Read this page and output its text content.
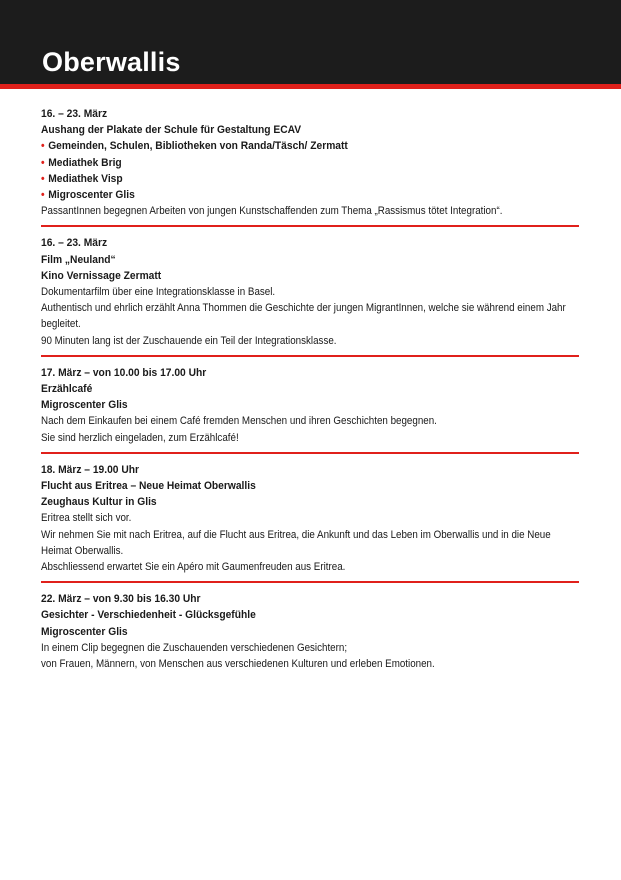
Oberwallis
16. – 23. März
Aushang der Plakate der Schule für Gestaltung ECAV
• Gemeinden, Schulen, Bibliotheken von Randa/Täsch/ Zermatt
• Mediathek Brig
• Mediathek Visp
• Migroscenter Glis
PassantInnen begegnen Arbeiten von jungen Kunstschaffenden zum Thema „Rassismus tötet Integration“.
16. – 23. März
Film „Neuland“
Kino Vernissage Zermatt
Dokumentarfilm über eine Integrationsklasse in Basel.
Authentisch und ehrlich erzählt Anna Thommen die Geschichte der jungen MigrantInnen, welche sie während einem Jahr begleitet.
90 Minuten lang ist der Zuschauende ein Teil der Integrationsklasse.
17. März – von 10.00 bis 17.00 Uhr
Erzählcafé
Migroscenter Glis
Nach dem Einkaufen bei einem Café fremden Menschen und ihren Geschichten begegnen.
Sie sind herzlich eingeladen, zum Erzählcafé!
18. März – 19.00 Uhr
Flucht aus Eritrea – Neue Heimat Oberwallis
Zeughaus Kultur in Glis
Eritrea stellt sich vor.
Wir nehmen Sie mit nach Eritrea, auf die Flucht aus Eritrea, die Ankunft und das Leben im Oberwallis und in die Neue Heimat Oberwallis.
Abschliessend erwartet Sie ein Apéro mit Gaumenfreuden aus Eritrea.
22. März – von 9.30 bis 16.30 Uhr
Gesichter - Verschiedenheit - Glücksgefühle
Migroscenter Glis
In einem Clip begegnen die Zuschauenden verschiedenen Gesichtern;
von Frauen, Männern, von Menschen aus verschiedenen Kulturen und erleben Emotionen.
